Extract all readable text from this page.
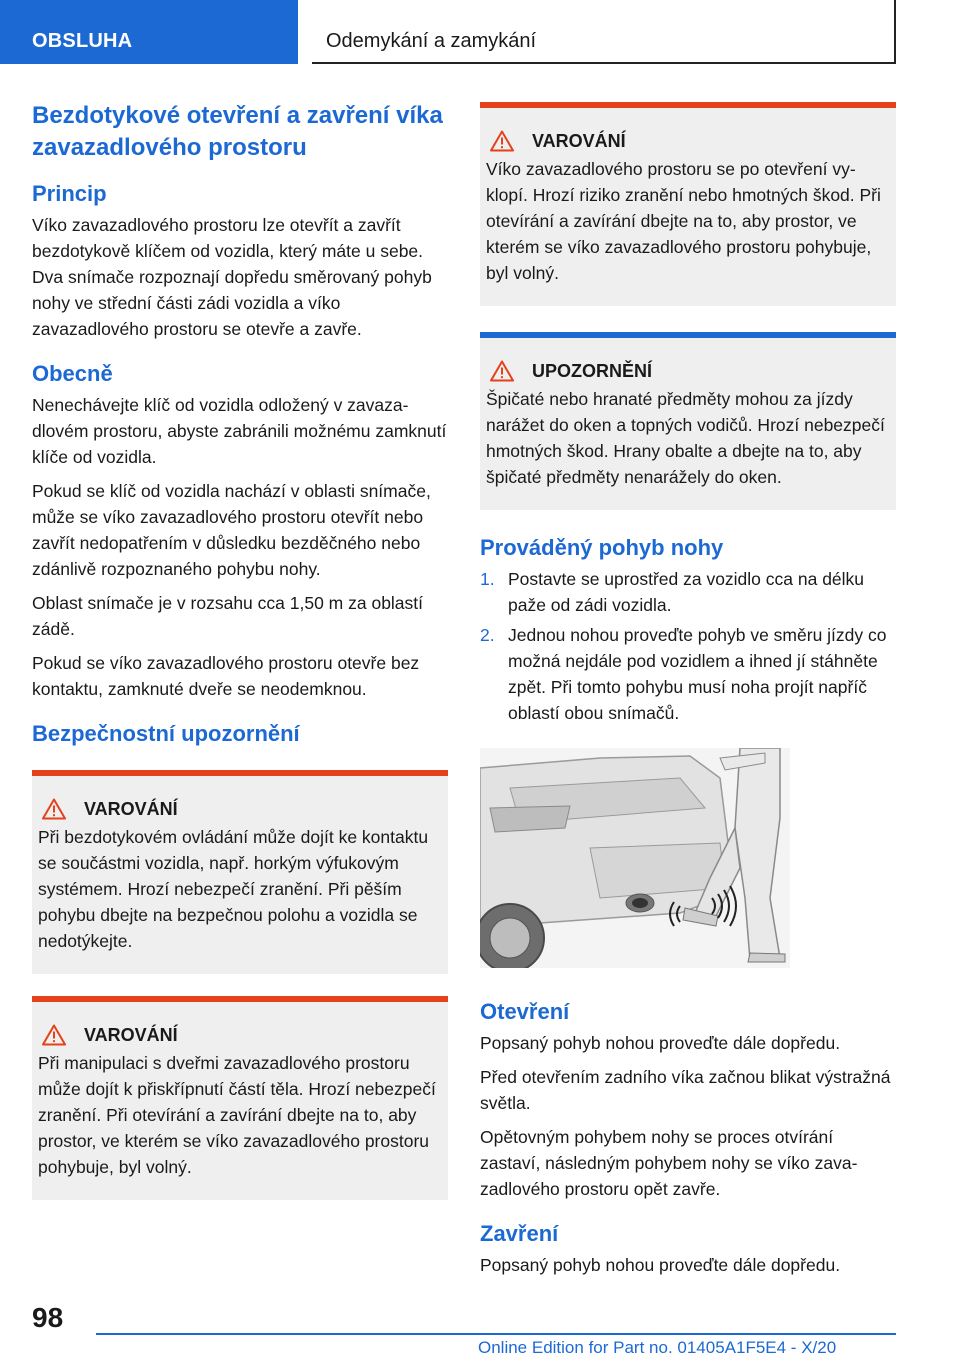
OBSLUHA	Odemykání a zamykání
Bezdotykové otevření a zavření víka zavazadlového prostoru
Princip

Víko zavazadlového prostoru lze otevřít a zavřít bezdotykově klíčem od vozidla, který máte u sebe. Dva snímače rozpoznají dopředu směrovaný pohyb nohy ve střední části zádi vozidla a víko zavazadlového prostoru se otevře a zavře.

Obecně

Nenechávejte klíč od vozidla odložený v zavazadlovém prostoru, abyste zabránili možnému zamknutí klíče od vozidla.

Pokud se klíč od vozidla nachází v oblasti snímače, může se víko zavazadlového prostoru otevřít nebo zavřít nedopatřením v důsledku bezděčného nebo zdánlivě rozpoznaného pohybu nohy.

Oblast snímače je v rozsahu cca 1,50 m za oblastí zádě.

Pokud se víko zavazadlového prostoru otevře bez kontaktu, zamknuté dveře se neodemknou.

Bezpečnostní upozornění
VAROVÁNÍ

Při bezdotykovém ovládání může dojít ke kontaktu se součástmi vozidla, např. horkým výfukovým systémem. Hrozí nebezpečí zranění. Při pěším pohybu dbejte na bezpečnou polohu a vozidla se nedotýkejte.

VAROVÁNÍ

Při manipulaci s dveřmi zavazadlového prostoru může dojít k přiskřípnutí částí těla. Hrozí nebezpečí zranění. Při otevírání a zavírání dbejte na to, aby prostor, ve kterém se víko zavazadlového prostoru pohybuje, byl volný.

VAROVÁNÍ

Víko zavazadlového prostoru se po otevření vyklopí. Hrozí riziko zranění nebo hmotných škod. Při otevírání a zavírání dbejte na to, aby prostor, ve kterém se víko zavazadlového prostoru pohybuje, byl volný.

UPOZORNĚNÍ

Špičaté nebo hranaté předměty mohou za jízdy narážet do oken a topných vodičů. Hrozí nebezpečí hmotných škod. Hrany obalte a dbejte na to, aby špičaté předměty nenarážely do oken.

Prováděný pohyb nohy
1. Postavte se uprostřed za vozidlo cca na délku paže od zádi vozidla.
2. Jednou nohou proveďte pohyb ve směru jízdy co možná nejdále pod vozidlem a ihned jí stáhněte zpět. Při tomto pohybu musí noha projít napříč oblastí obou snímačů.
Otevření

Popsaný pohyb nohou proveďte dále dopředu.

Před otevřením zadního víka začnou blikat výstražná světla.

Opětovným pohybem nohy se proces otvírání zastaví, následným pohybem nohy se víko zavazadlového prostoru opět zavře.

Zavření

Popsaný pohyb nohou proveďte dále dopředu.

98
Online Edition for Part no. 01405A1F5E4 - X/20
